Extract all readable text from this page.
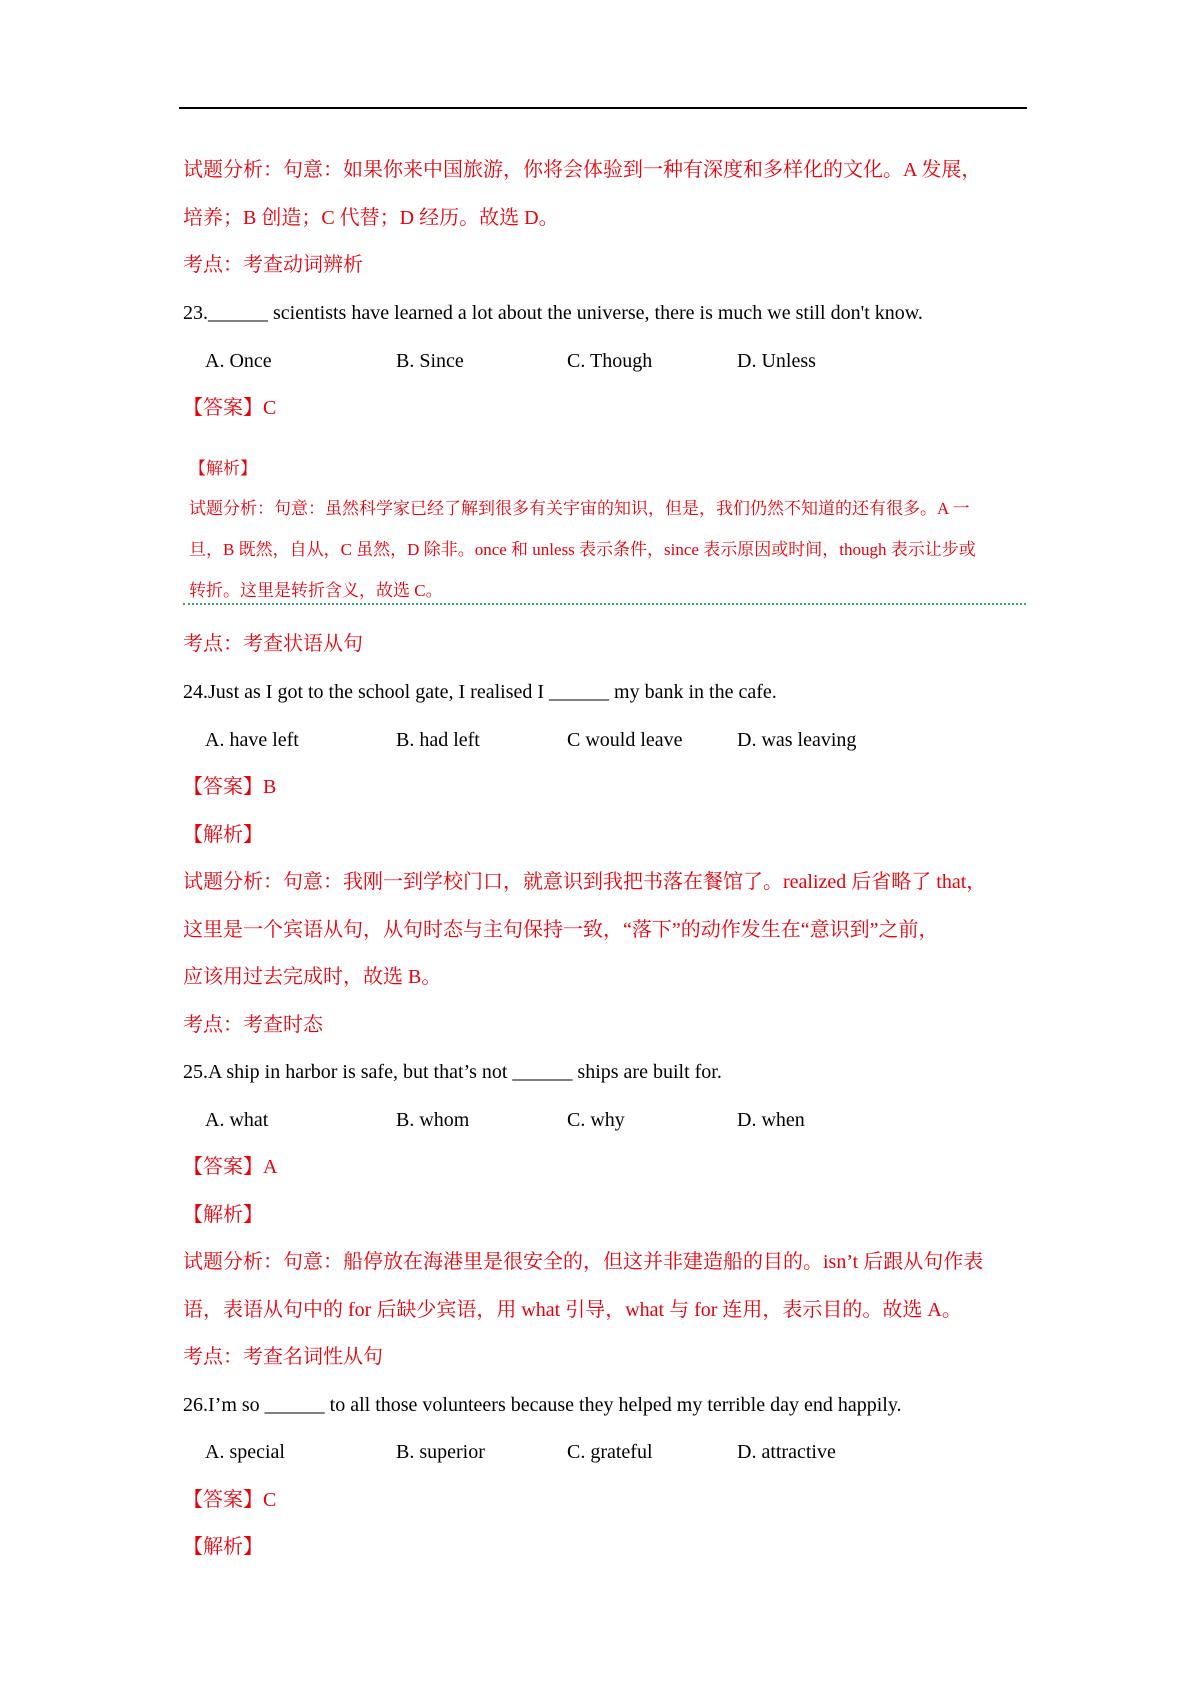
试题分析：句意：如果你来中国旅游，你将会体验到一种有深度和多样化的文化。A 发展，
培养；B 创造；C 代替；D 经历。故选 D。
考点：考查动词辨析
23.______ scientists have learned a lot about the universe, there is much we still don't know.
A. Once	B. Since	C. Though	D. Unless
【答案】C
【解析】
试题分析：句意：虽然科学家已经了解到很多有关宇宙的知识，但是，我们仍然不知道的还有很多。A 一
旦，B 既然，自从，C 虽然，D 除非。once 和 unless 表示条件，since 表示原因或时间，though 表示让步或
转折。这里是转折含义，故选 C。
考点：考查状语从句
24.Just as I got to the school gate, I realised I ______ my bank in the cafe.
A. have left	B. had left	C would leave	D. was leaving
【答案】B
【解析】
试题分析：句意：我刚一到学校门口，就意识到我把书落在餐馆了。realized 后省略了 that，
这里是一个宾语从句，从句时态与主句保持一致，“落下”的动作发生在“意识到”之前，
应该用过去完成时，故选 B。
考点：考查时态
25.A ship in harbor is safe, but that’s not ______ ships are built for.
A. what	B. whom	C. why	D. when
【答案】A
【解析】
试题分析：句意：船停放在海港里是很安全的，但这并非建造船的目的。isn’t 后跟从句作表
语，表语从句中的 for 后缺少宾语，用 what 引导，what 与 for 连用，表示目的。故选 A。
考点：考查名词性从句
26.I’m so ______ to all those volunteers because they helped my terrible day end happily.
A. special	B. superior	C. grateful	D. attractive
【答案】C
【解析】
